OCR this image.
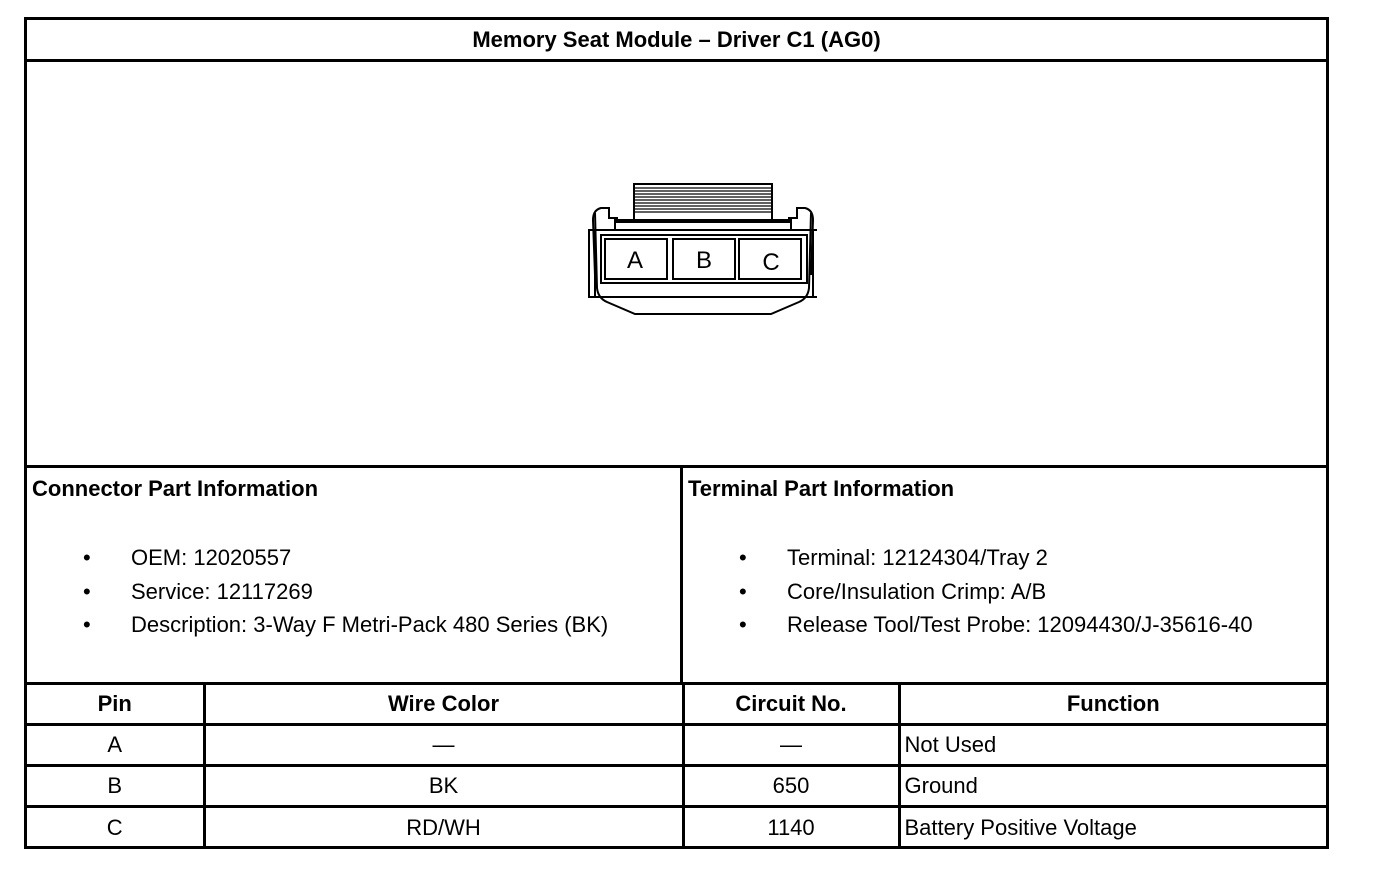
Memory Seat Module – Driver C1 (AG0)
A B C
Connector Part Information
• OEM: 12020557
• Service: 12117269
• Description: 3-Way F Metri-Pack 480 Series (BK)
Terminal Part Information
• Terminal: 12124304/Tray 2
• Core/Insulation Crimp: A/B
• Release Tool/Test Probe: 12094430/J-35616-40
Pin	Wire Color	Circuit No.	Function
A	—	—	Not Used
B	BK	650	Ground
C	RD/WH	1140	Battery Positive Voltage
